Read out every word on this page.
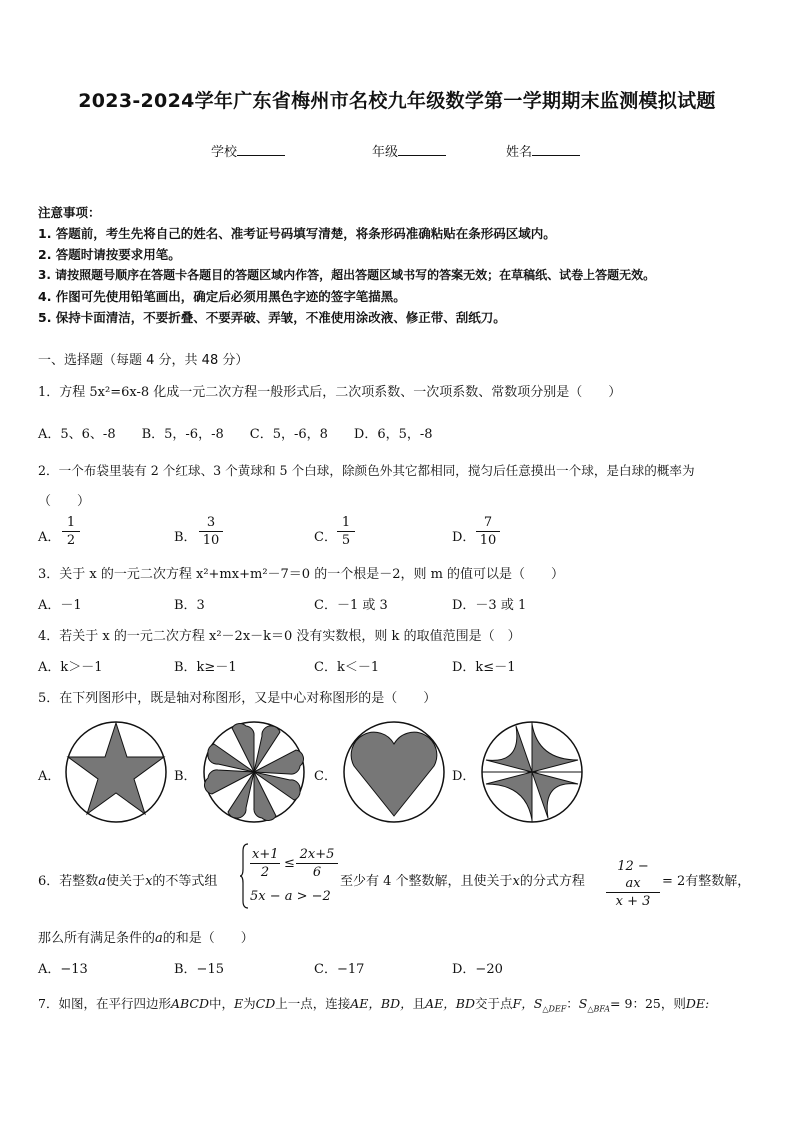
2023-2024学年广东省梅州市名校九年级数学第一学期期末监测模拟试题
学校	年级	姓名
注意事项：
1. 答题前，考生先将自己的姓名、准考证号码填写清楚，将条形码准确粘贴在条形码区域内。
2. 答题时请按要求用笔。
3. 请按照题号顺序在答题卡各题目的答题区域内作答，超出答题区域书写的答案无效；在草稿纸、试卷上答题无效。
4. 作图可先使用铅笔画出，确定后必须用黑色字迹的签字笔描黑。
5. 保持卡面清洁，不要折叠、不要弄破、弄皱，不准使用涂改液、修正带、刮纸刀。
一、选择题（每题 4 分，共 48 分）
1．方程 5x²=6x-8 化成一元二次方程一般形式后，二次项系数、一次项系数、常数项分别是（　　）
A．5、6、-8　　B．5，-6，-8　　C．5，-6，8　　D．6，5，-8
2．一个布袋里装有 2 个红球、3 个黄球和 5 个白球，除颜色外其它都相同，搅匀后任意摸出一个球，是白球的概率为
（　　）
A． $\frac{1}{2}$	B． $\frac{3}{10}$	C． $\frac{1}{5}$	D． $\frac{7}{10}$
3．关于 x 的一元二次方程 x²+mx+m²－7＝0 的一个根是－2，则 m 的值可以是（　　）
A．－1	B．3	C．－1 或 3	D．－3 或 1
4．若关于 x 的一元二次方程 x²－2x－k＝0 没有实数根，则 k 的取值范围是（　）
A．k＞－1	B．k≥－1	C．k＜－1	D．k≤－1
5．在下列图形中，既是轴对称图形，又是中心对称图形的是（　　）
A．	B．	C．	D．
6．若整数a使关于x的不等式组	$\frac{x+1}{2} \le \frac{2x+5}{6}$
5x − a > −2
至少有 4 个整数解，且使关于x的分式方程 $\frac{12 - ax}{x + 3} = 2$有整数解，
那么所有满足条件的a的和是（　　）
A．−13	B．−15	C．−17	D．−20
7．如图，在平行四边形ABCD中，E为CD上一点，连接AE，BD，且AE，BD交于点F，$S_{\triangle DEF}$：$S_{\triangle BFA}= 9$：25，则DE:
